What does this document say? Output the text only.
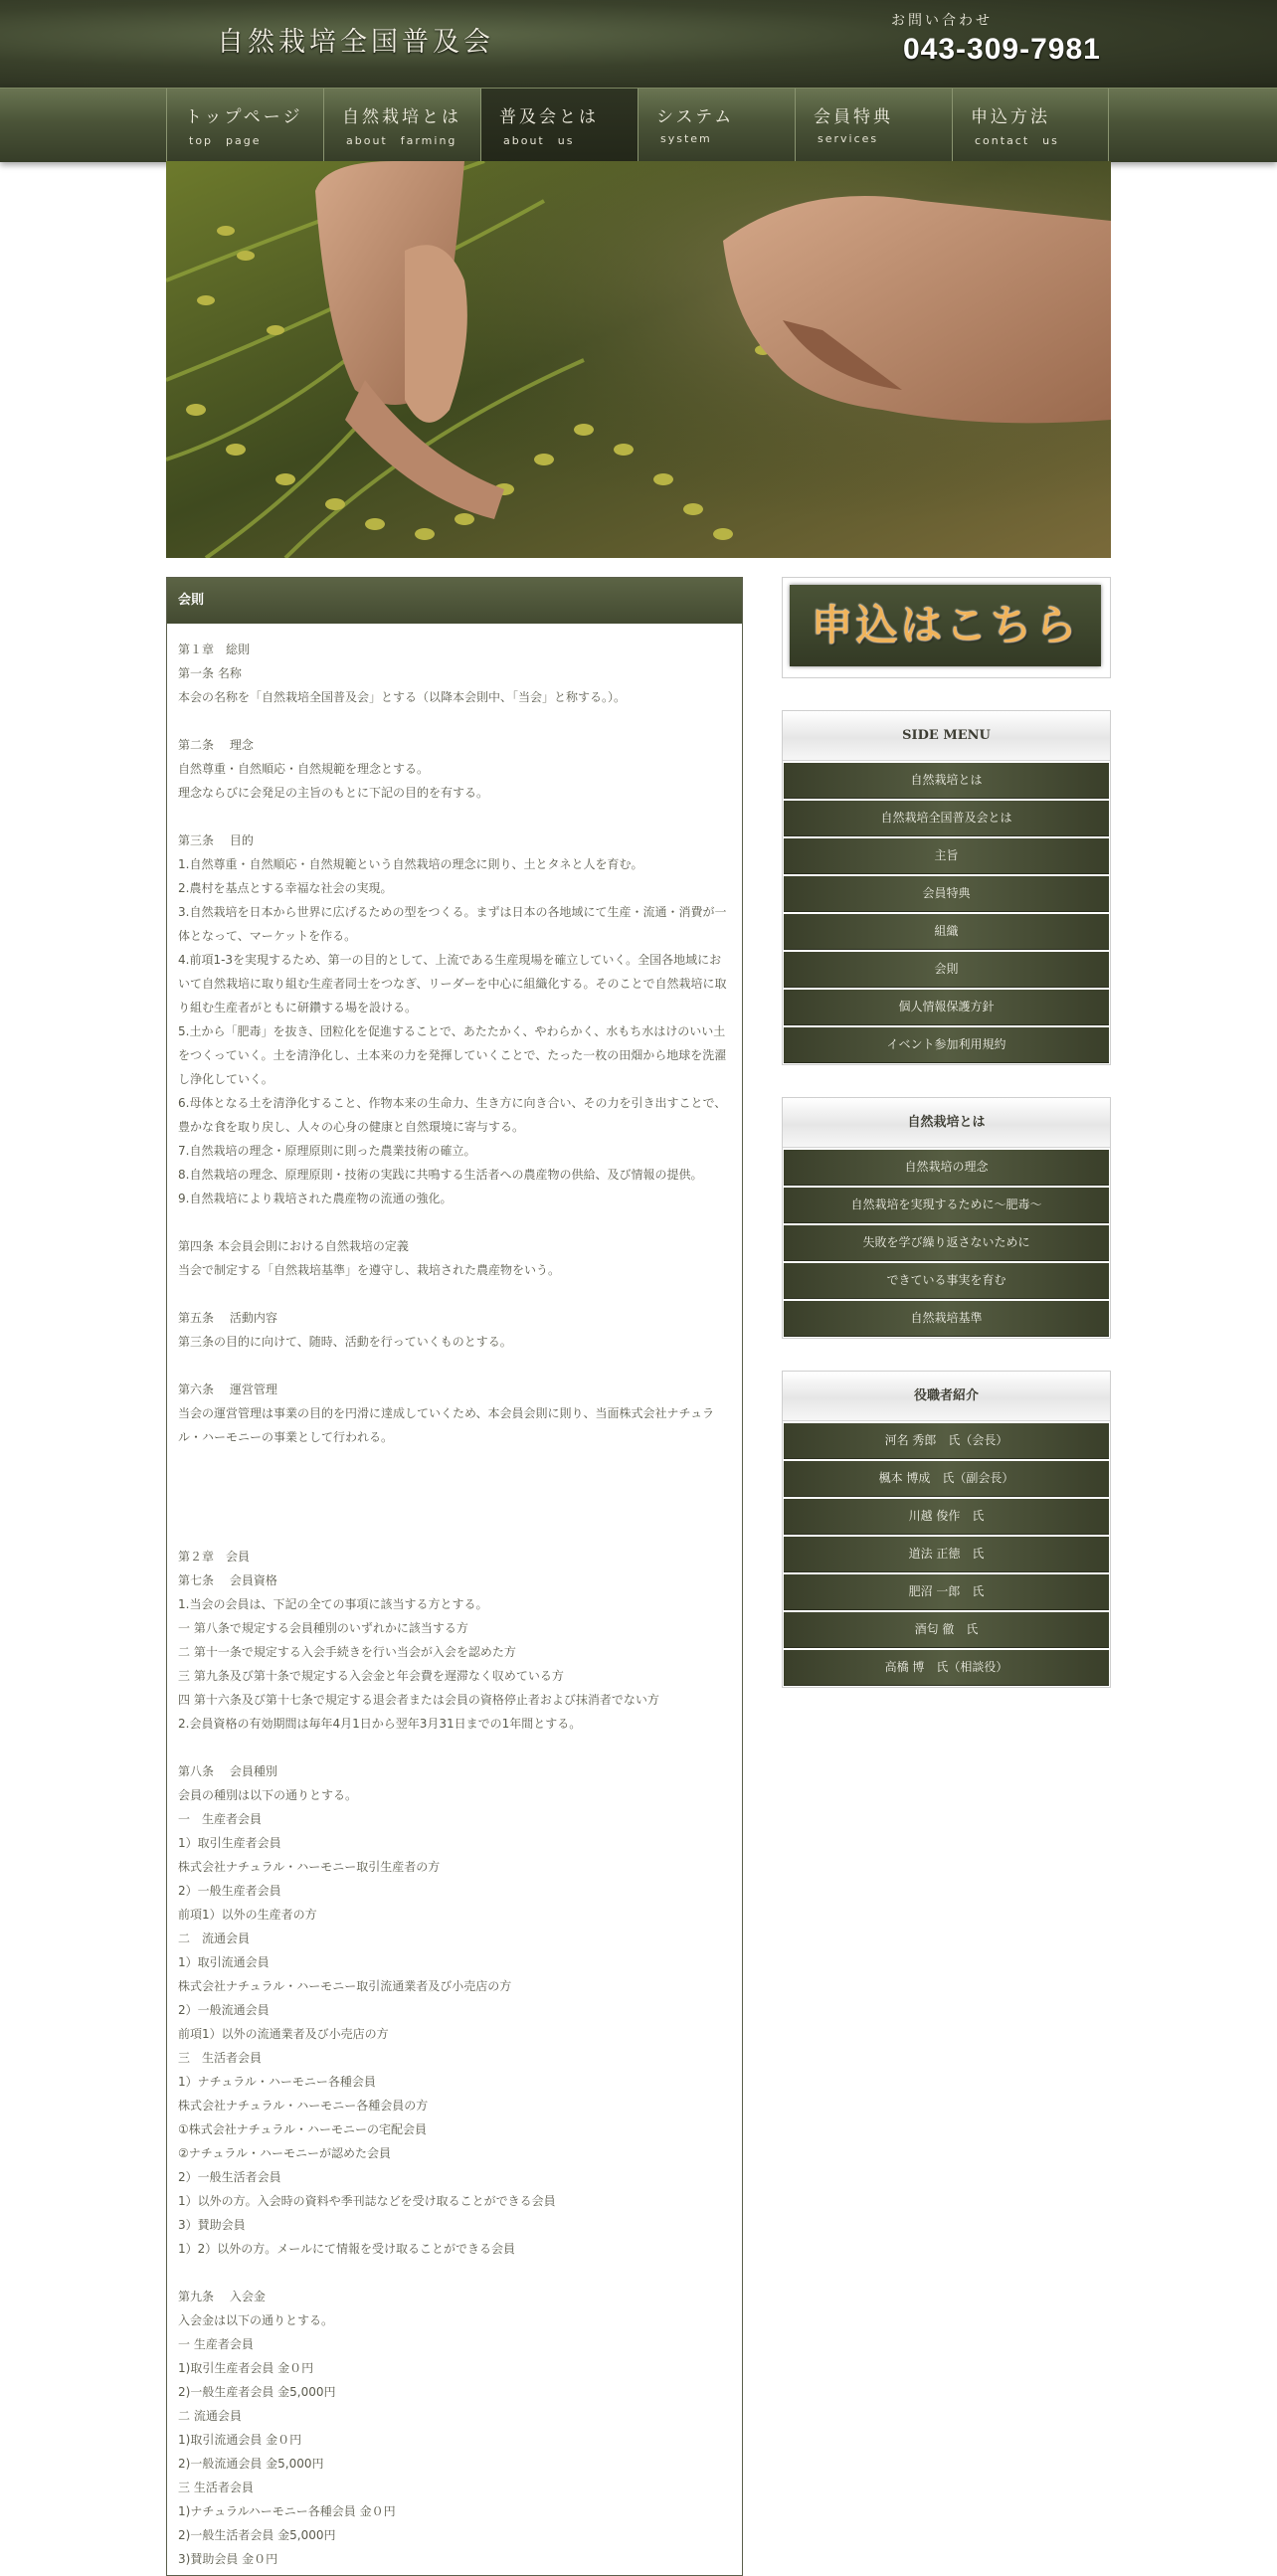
自然栽培全国普及会
お問い合わせ
043-309-7981
トップページ
top　page
自然栽培とは
about　farming
普及会とは
about　us
システム
system
会員特典
services
申込方法
contact　us
会則
第１章　総則
第一条 名称
本会の名称を「自然栽培全国普及会」とする（以降本会則中、「当会」と称する。）。
第二条　 理念
自然尊重・自然順応・自然規範を理念とする。
理念ならびに会発足の主旨のもとに下記の目的を有する。
第三条　 目的
1.自然尊重・自然順応・自然規範という自然栽培の理念に則り、土とタネと人を育む。
2.農村を基点とする幸福な社会の実現。
3.自然栽培を日本から世界に広げるための型をつくる。まずは日本の各地域にて生産・流通・消費が一体となって、マーケットを作る。
4.前項1-3を実現するため、第一の目的として、上流である生産現場を確立していく。全国各地域において自然栽培に取り組む生産者同士をつなぎ、リーダーを中心に組織化する。そのことで自然栽培に取り組む生産者がともに研鑽する場を設ける。
5.土から「肥毒」を抜き、団粒化を促進することで、あたたかく、やわらかく、水もち水はけのいい土をつくっていく。土を清浄化し、土本来の力を発揮していくことで、たった一枚の田畑から地球を洗濯し浄化していく。
6.母体となる土を清浄化すること、作物本来の生命力、生き方に向き合い、その力を引き出すことで、豊かな食を取り戻し、人々の心身の健康と自然環境に寄与する。
7.自然栽培の理念・原理原則に則った農業技術の確立。
8.自然栽培の理念、原理原則・技術の実践に共鳴する生活者への農産物の供給、及び情報の提供。
9.自然栽培により栽培された農産物の流通の強化。
第四条 本会員会則における自然栽培の定義
当会で制定する「自然栽培基準」を遵守し、栽培された農産物をいう。
第五条　 活動内容
第三条の目的に向けて、随時、活動を行っていくものとする。
第六条　 運営管理
当会の運営管理は事業の目的を円滑に達成していくため、本会員会則に則り、当面株式会社ナチュラル・ハーモニーの事業として行われる。
第２章　会員
第七条　 会員資格
1.当会の会員は、下記の全ての事項に該当する方とする。
一 第八条で規定する会員種別のいずれかに該当する方
二 第十一条で規定する入会手続きを行い当会が入会を認めた方
三 第九条及び第十条で規定する入会金と年会費を遅滞なく収めている方
四 第十六条及び第十七条で規定する退会者または会員の資格停止者および抹消者でない方
2.会員資格の有効期間は毎年4月1日から翌年3月31日までの1年間とする。
第八条　 会員種別
会員の種別は以下の通りとする。
一　生産者会員
1）取引生産者会員
株式会社ナチュラル・ハーモニー取引生産者の方
2）一般生産者会員
前項1）以外の生産者の方
二　流通会員
1）取引流通会員
株式会社ナチュラル・ハーモニー取引流通業者及び小売店の方
2）一般流通会員
前項1）以外の流通業者及び小売店の方
三　生活者会員
1）ナチュラル・ハーモニー各種会員
株式会社ナチュラル・ハーモニー各種会員の方
①株式会社ナチュラル・ハーモニーの宅配会員
②ナチュラル・ハーモニーが認めた会員
2）一般生活者会員
1）以外の方。入会時の資料や季刊誌などを受け取ることができる会員
3）賛助会員
1）2）以外の方。メールにて情報を受け取ることができる会員
第九条　 入会金
入会金は以下の通りとする。
一 生産者会員
1)取引生産者会員 金０円
2)一般生産者会員 金5,000円
二 流通会員
1)取引流通会員 金０円
2)一般流通会員 金5,000円
三 生活者会員
1)ナチュラルハーモニー各種会員 金０円
2)一般生活者会員 金5,000円
3)賛助会員 金０円
申込はこちら
SIDE MENU
自然栽培とは
自然栽培全国普及会とは
主旨
会員特典
組織
会則
個人情報保護方針
イベント参加利用規約
自然栽培とは
自然栽培の理念
自然栽培を実現するために～肥毒～
失敗を学び繰り返さないために
できている事実を育む
自然栽培基準
役職者紹介
河名 秀郎　氏（会長）
楓本 博成　氏（副会長）
川越 俊作　氏
道法 正徳　氏
肥沼 一郎　氏
酒匂 徹　氏
高橋 博　氏（相談役）
